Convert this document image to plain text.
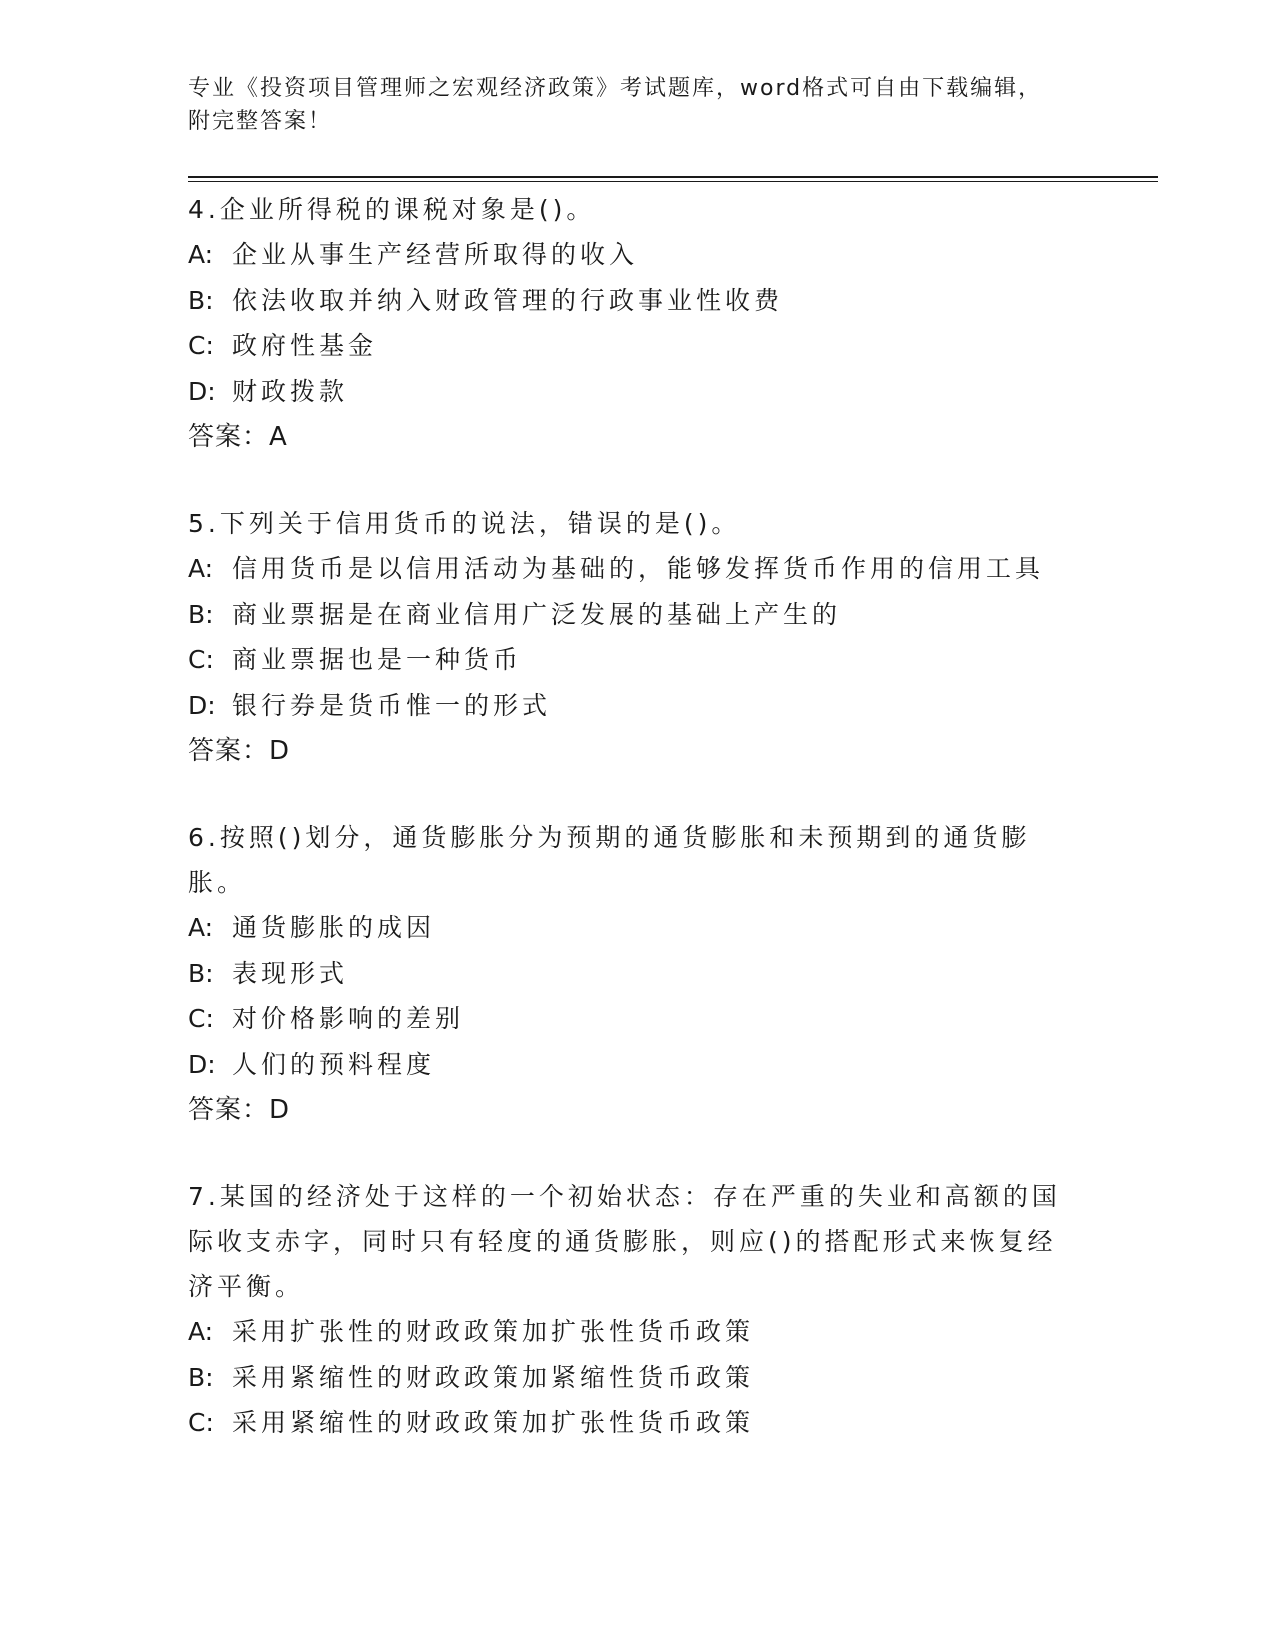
专业《投资项目管理师之宏观经济政策》考试题库，word格式可自由下载编辑，
附完整答案！

4.企业所得税的课税对象是()。

A: 企业从事生产经营所取得的收入
B: 依法收取并纳入财政管理的行政事业性收费
C: 政府性基金
D: 财政拨款
答案：A

5.下列关于信用货币的说法，错误的是()。

A: 信用货币是以信用活动为基础的，能够发挥货币作用的信用工具
B: 商业票据是在商业信用广泛发展的基础上产生的
C: 商业票据也是一种货币
D: 银行券是货币惟一的形式
答案：D

6.按照()划分，通货膨胀分为预期的通货膨胀和未预期到的通货膨胀。

A: 通货膨胀的成因
B: 表现形式
C: 对价格影响的差别
D: 人们的预料程度
答案：D

7.某国的经济处于这样的一个初始状态：存在严重的失业和高额的国际收支赤字，同时只有轻度的通货膨胀，则应()的搭配形式来恢复经济平衡。

A: 采用扩张性的财政政策加扩张性货币政策
B: 采用紧缩性的财政政策加紧缩性货币政策
C: 采用紧缩性的财政政策加扩张性货币政策
